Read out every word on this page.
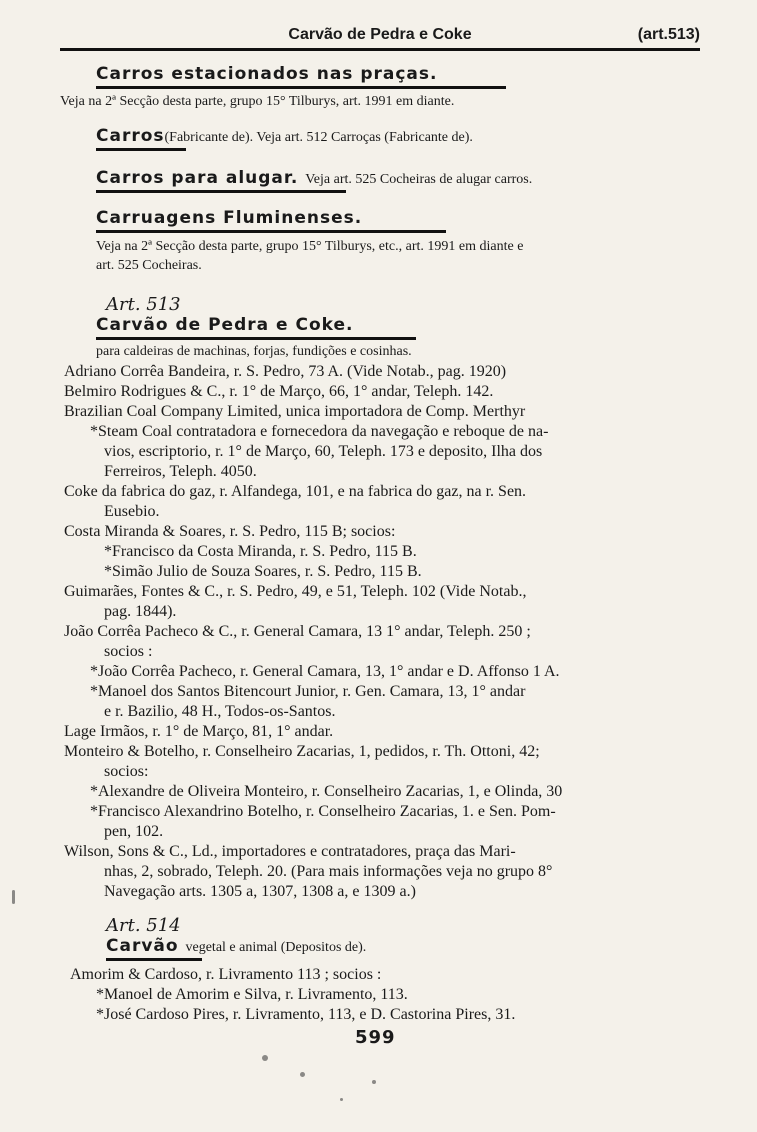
Carvão de Pedra e Coke	(art.513)
Carros estacionados nas praças.
Veja na 2ª Secção desta parte, grupo 15° Tilburys, art. 1991 em diante.
Carros(Fabricante de). Veja art. 512 Carroças (Fabricante de).
Carros para alugar. Veja art. 525 Cocheiras de alugar carros.
Carruagens Fluminenses.
Veja na 2ª Secção desta parte, grupo 15° Tilburys, etc., art. 1991 em diante e
art. 525 Cocheiras.
Art. 513
Carvão de Pedra e Coke.
para caldeiras de machinas, forjas, fundições e cosinhas.
Adriano Corrêa Bandeira, r. S. Pedro, 73 A. (Vide Notab., pag. 1920)
Belmiro Rodrigues & C., r. 1° de Março, 66, 1° andar, Teleph. 142.
Brazilian Coal Company Limited, unica importadora de Comp. Merthyr
*Steam Coal contratadora e fornecedora da navegação e reboque de na-
vios, escriptorio, r. 1° de Março, 60, Teleph. 173 e deposito, Ilha dos
Ferreiros, Teleph. 4050.
Coke da fabrica do gaz, r. Alfandega, 101, e na fabrica do gaz, na r. Sen.
Eusebio.
Costa Miranda & Soares, r. S. Pedro, 115 B; socios:
*Francisco da Costa Miranda, r. S. Pedro, 115 B.
*Simão Julio de Souza Soares, r. S. Pedro, 115 B.
Guimarães, Fontes & C., r. S. Pedro, 49, e 51, Teleph. 102 (Vide Notab.,
pag. 1844).
João Corrêa Pacheco & C., r. General Camara, 13 1° andar, Teleph. 250 ;
socios :
*João Corrêa Pacheco, r. General Camara, 13, 1° andar e D. Affonso 1 A.
*Manoel dos Santos Bitencourt Junior, r. Gen. Camara, 13, 1° andar
e r. Bazilio, 48 H., Todos-os-Santos.
Lage Irmãos, r. 1° de Março, 81, 1° andar.
Monteiro & Botelho, r. Conselheiro Zacarias, 1, pedidos, r. Th. Ottoni, 42;
socios:
*Alexandre de Oliveira Monteiro, r. Conselheiro Zacarias, 1, e Olinda, 30
*Francisco Alexandrino Botelho, r. Conselheiro Zacarias, 1. e Sen. Pom-
pen, 102.
Wilson, Sons & C., Ld., importadores e contratadores, praça das Mari-
nhas, 2, sobrado, Teleph. 20. (Para mais informações veja no grupo 8°
Navegação arts. 1305 a, 1307, 1308 a, e 1309 a.)
Art. 514
Carvão vegetal e animal (Depositos de).
Amorim & Cardoso, r. Livramento 113 ; socios :
*Manoel de Amorim e Silva, r. Livramento, 113.
*José Cardoso Pires, r. Livramento, 113, e D. Castorina Pires, 31.
599
